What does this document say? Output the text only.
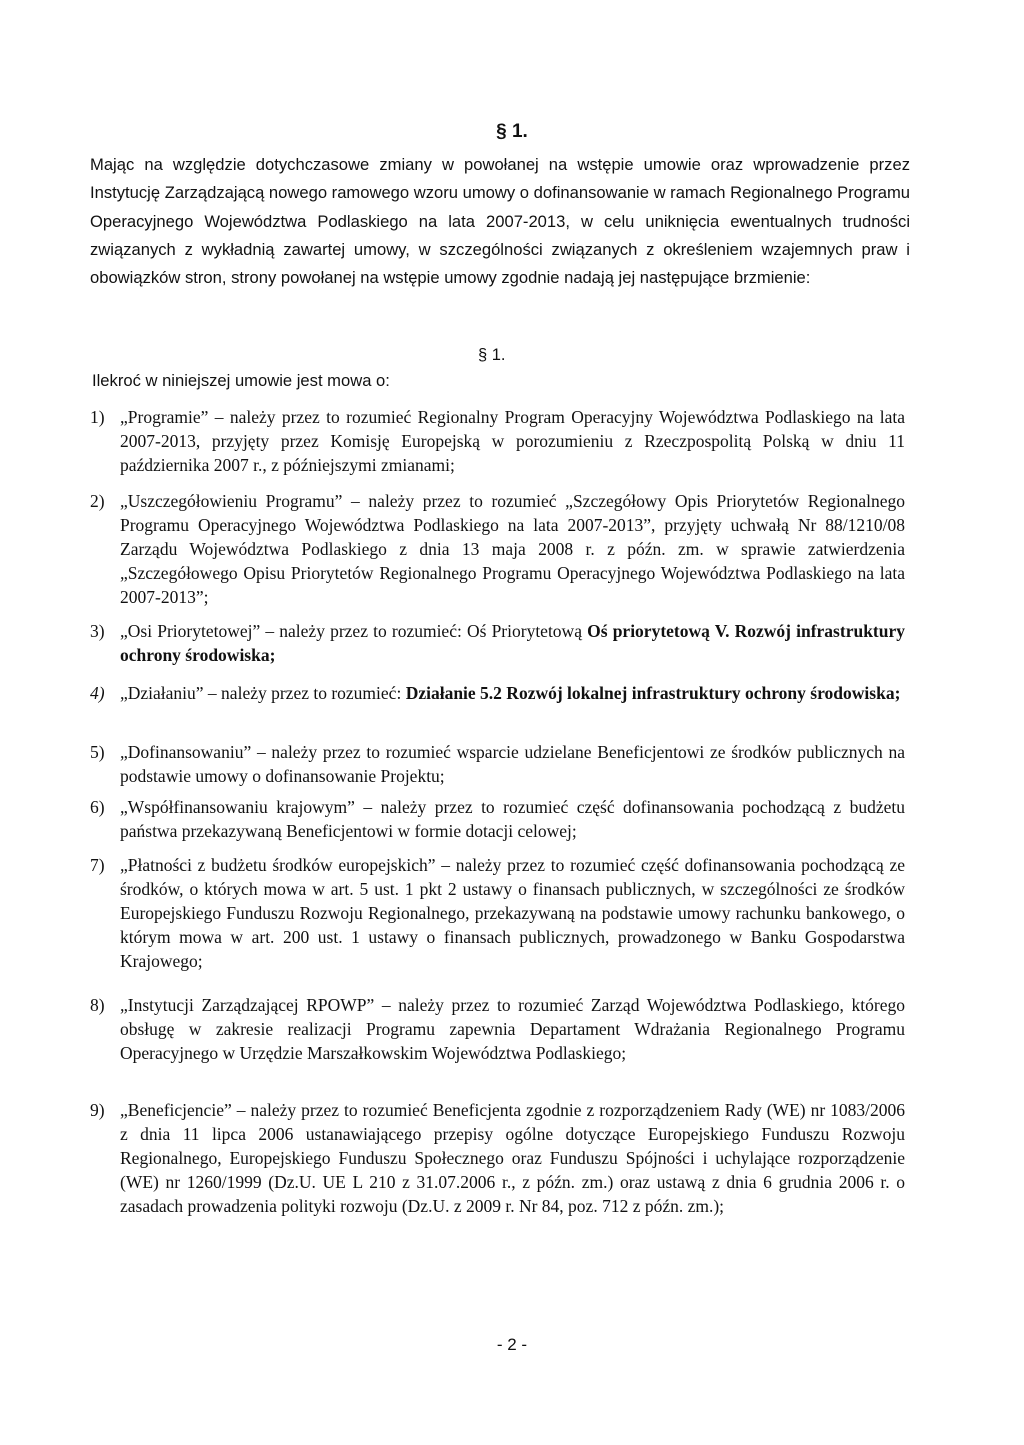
§ 1.
Mając na względzie dotychczasowe zmiany w powołanej na wstępie umowie oraz wprowadzenie przez Instytucję Zarządzającą nowego ramowego wzoru umowy o dofinansowanie w ramach Regionalnego Programu Operacyjnego Województwa Podlaskiego na lata 2007-2013, w celu uniknięcia ewentualnych trudności związanych z wykładnią zawartej umowy, w szczególności związanych z określeniem wzajemnych praw i obowiązków stron, strony powołanej na wstępie umowy zgodnie nadają jej następujące brzmienie:
§ 1.
Ilekroć w niniejszej umowie jest mowa o:
1) „Programie” – należy przez to rozumieć Regionalny Program Operacyjny Województwa Podlaskiego na lata 2007-2013, przyjęty przez Komisję Europejską w porozumieniu z Rzeczpospolitą Polską w dniu 11 października 2007 r., z późniejszymi zmianami;
2) „Uszczegółowieniu Programu” – należy przez to rozumieć „Szczegółowy Opis Priorytetów Regionalnego Programu Operacyjnego Województwa Podlaskiego na lata 2007-2013”, przyjęty uchwałą Nr 88/1210/08 Zarządu Województwa Podlaskiego z dnia 13 maja 2008 r. z późn. zm. w sprawie zatwierdzenia „Szczegółowego Opisu Priorytetów Regionalnego Programu Operacyjnego Województwa Podlaskiego na lata 2007-2013”;
3) „Osi Priorytetowej” – należy przez to rozumieć: Oś Priorytetową Oś priorytetową V. Rozwój infrastruktury ochrony środowiska;
4) „Działaniu” – należy przez to rozumieć: Działanie 5.2 Rozwój lokalnej infrastruktury ochrony środowiska;
5) „Dofinansowaniu” – należy przez to rozumieć wsparcie udzielane Beneficjentowi ze środków publicznych na podstawie umowy o dofinansowanie Projektu;
6) „Współfinansowaniu krajowym” – należy przez to rozumieć część dofinansowania pochodzącą z budżetu państwa przekazywaną Beneficjentowi w formie dotacji celowej;
7) „Płatności z budżetu środków europejskich” – należy przez to rozumieć część dofinansowania pochodzącą ze środków, o których mowa w art. 5 ust. 1 pkt 2 ustawy o finansach publicznych, w szczególności ze środków Europejskiego Funduszu Rozwoju Regionalnego, przekazywaną na podstawie umowy rachunku bankowego, o którym mowa w art. 200 ust. 1 ustawy o finansach publicznych, prowadzonego w Banku Gospodarstwa Krajowego;
8) „Instytucji Zarządzającej RPOWP” – należy przez to rozumieć Zarząd Województwa Podlaskiego, którego obsługę w zakresie realizacji Programu zapewnia Departament Wdrażania Regionalnego Programu Operacyjnego w Urzędzie Marszałkowskim Województwa Podlaskiego;
9) „Beneficjencie” – należy przez to rozumieć Beneficjenta zgodnie z rozporządzeniem Rady (WE) nr 1083/2006 z dnia 11 lipca 2006 ustanawiającego przepisy ogólne dotyczące Europejskiego Funduszu Rozwoju Regionalnego, Europejskiego Funduszu Społecznego oraz Funduszu Spójności i uchylające rozporządzenie (WE) nr 1260/1999 (Dz.U. UE L 210 z 31.07.2006 r., z późn. zm.) oraz ustawą z dnia 6 grudnia 2006 r. o zasadach prowadzenia polityki rozwoju (Dz.U. z 2009 r. Nr 84, poz. 712 z późn. zm.);
- 2 -
